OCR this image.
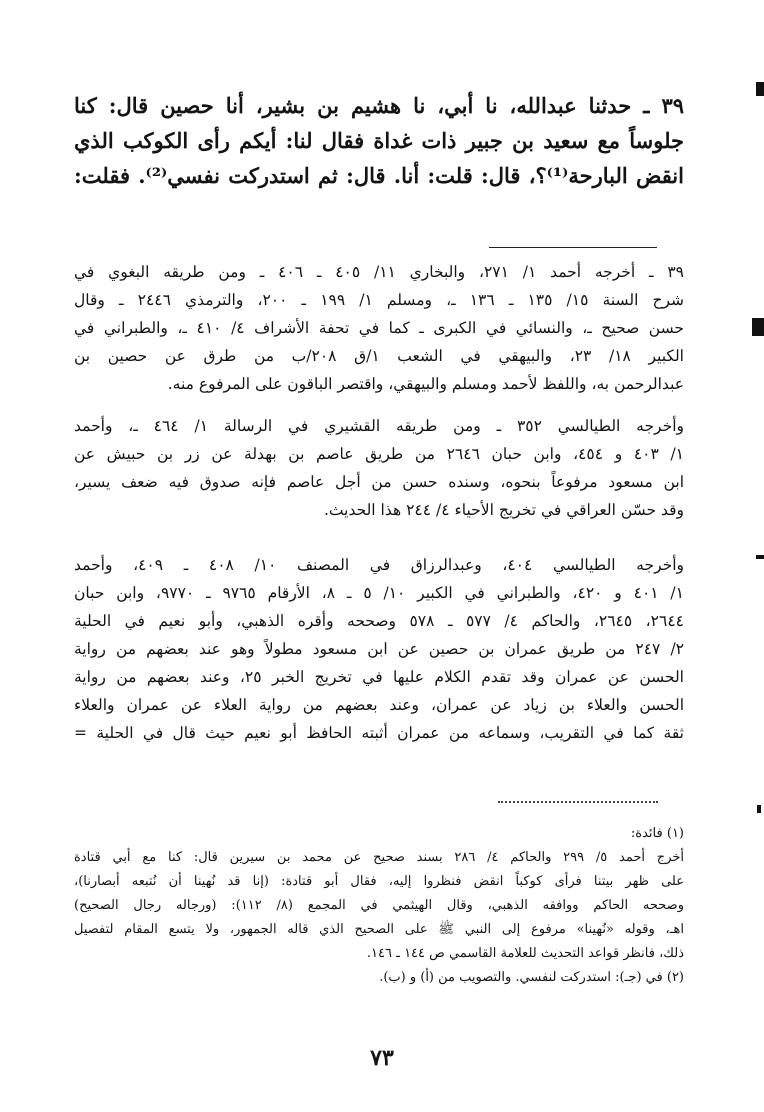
٣٩ ـ حدثنا عبدالله، نا أبي، نا هشيم بن بشير، أنا حصين قال: كنا
جلوساً مع سعيد بن جبير ذات غداة فقال لنا: أيكم رأى الكوكب الذي
انقض البارحة⁽¹⁾؟، قال: قلت: أنا. قال: ثم استدركت نفسي⁽²⁾. فقلت:
٣٩ ـ أخرجه أحمد ١/ ٢٧١، والبخاري ١١/ ٤٠٥ ـ ٤٠٦ ـ ومن طريقه البغوي في
شرح السنة ١٥/ ١٣٥ ـ ١٣٦ ـ، ومسلم ١/ ١٩٩ ـ ٢٠٠، والترمذي ٢٤٤٦ ـ وقال
حسن صحيح ـ، والنسائي في الكبرى ـ كما في تحفة الأشراف ٤/ ٤١٠ ـ، والطبراني في
الكبير ١٨/ ٢٣، والبيهقي في الشعب ١/ق ٢٠٨/ب من طرق عن حصين بن
عبدالرحمن به، واللفظ لأحمد ومسلم والبيهقي، واقتصر الباقون على المرفوع منه.
وأخرجه الطيالسي ٣٥٢ ـ ومن طريقه القشيري في الرسالة ١/ ٤٦٤ ـ، وأحمد
١/ ٤٠٣ و ٤٥٤، وابن حبان ٢٦٤٦ من طريق عاصم بن بهدلة عن زر بن حبيش عن
ابن مسعود مرفوعاً بنحوه، وسنده حسن من أجل عاصم فإنه صدوق فيه ضعف يسير،
وقد حسّن العراقي في تخريج الأحياء ٤/ ٢٤٤ هذا الحديث.
وأخرجه الطيالسي ٤٠٤، وعبدالرزاق في المصنف ١٠/ ٤٠٨ ـ ٤٠٩، وأحمد
١/ ٤٠١ و ٤٢٠، والطبراني في الكبير ١٠/ ٥ ـ ٨، الأرقام ٩٧٦٥ ـ ٩٧٧٠، وابن حبان
٢٦٤٤، ٢٦٤٥، والحاكم ٤/ ٥٧٧ ـ ٥٧٨ وصححه وأقره الذهبي، وأبو نعيم في الحلية
٢/ ٢٤٧ من طريق عمران بن حصين عن ابن مسعود مطولاً وهو عند بعضهم من رواية
الحسن عن عمران وقد تقدم الكلام عليها في تخريج الخبر ٢٥، وعند بعضهم من رواية
الحسن والعلاء بن زياد عن عمران، وعند بعضهم من رواية العلاء عن عمران والعلاء
ثقة كما في التقريب، وسماعه من عمران أثبته الحافظ أبو نعيم حيث قال في الحلية =
(١) فائدة:
أخرج أحمد ٥/ ٢٩٩ والحاكم ٤/ ٢٨٦ بسند صحيح عن محمد بن سيرين قال: كنا مع أبي قتادة
على ظهر بيتنا فرأى كوكباً انقض فنظروا إليه، فقال أبو قتادة: (إنا قد نُهينا أن نُتبعه أبصارنا)،
وصححه الحاكم ووافقه الذهبي، وقال الهيثمي في المجمع (٨/ ١١٢): (ورجاله رجال الصحيح)
اهـ، وقوله «نُهينا» مرفوع إلى النبي ﷺ على الصحيح الذي قاله الجمهور، ولا يتسع المقام لتفصيل
ذلك، فانظر قواعد التحديث للعلامة القاسمي ص ١٤٤ ـ ١٤٦.
(٢) في (جـ): استدركت لنفسي. والتصويب من (أ) و (ب).
٧٣
